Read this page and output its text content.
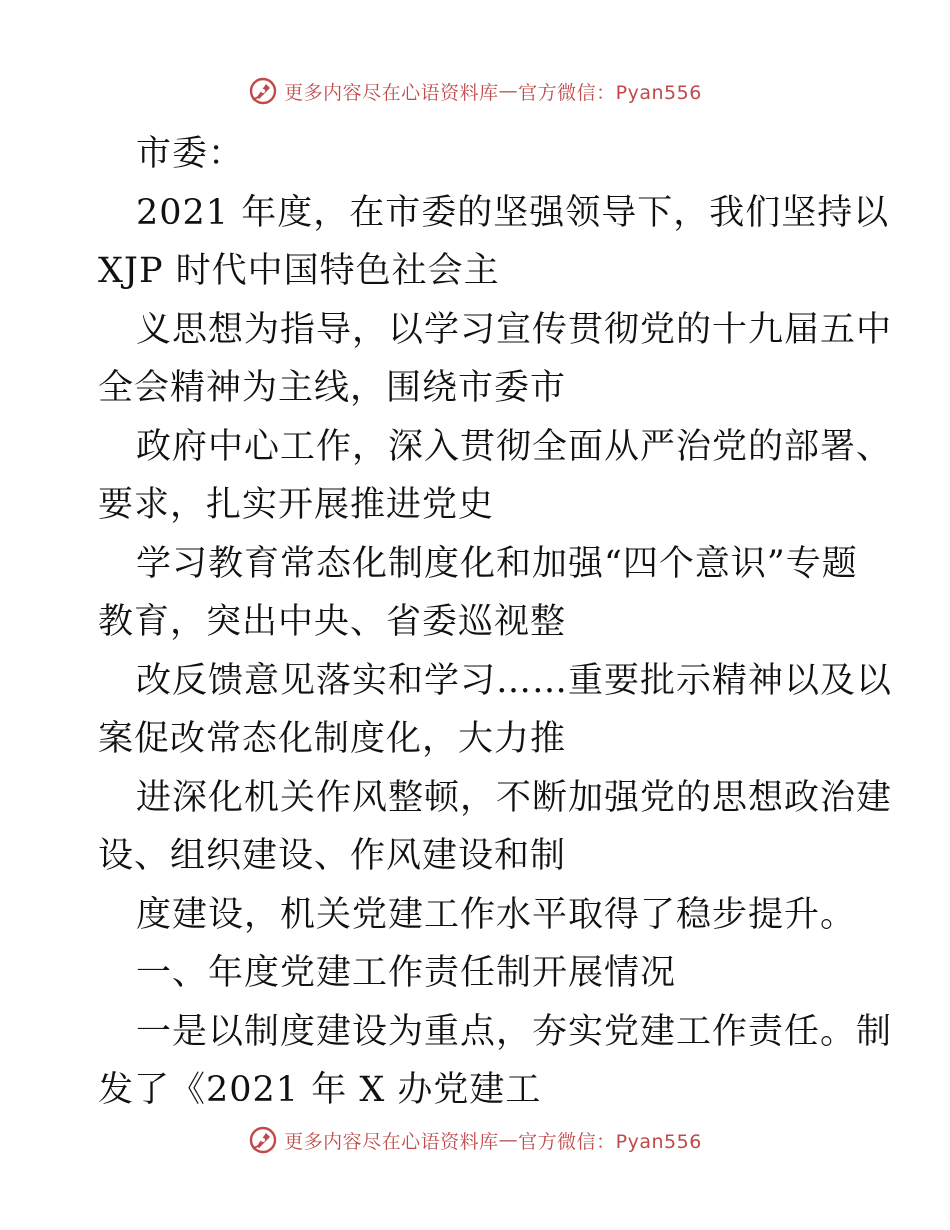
更多内容尽在心语资料库 — 官方微信：Pyan556
市委：
2021 年度，在市委的坚强领导下，我们坚持以
XJP 时代中国特色社会主
义思想为指导，以学习宣传贯彻党的十九届五中
全会精神为主线，围绕市委市
政府中心工作，深入贯彻全面从严治党的部署、
要求，扎实开展推进党史
学习教育常态化制度化和加强“四个意识”专题
教育，突出中央、省委巡视整
改反馈意见落实和学习……重要批示精神以及以
案促改常态化制度化，大力推
进深化机关作风整顿，不断加强党的思想政治建
设、组织建设、作风建设和制
度建设，机关党建工作水平取得了稳步提升。
一、年度党建工作责任制开展情况
一是以制度建设为重点，夯实党建工作责任。制
发了《2021 年 X 办党建工
更多内容尽在心语资料库 — 官方微信：Pyan556
